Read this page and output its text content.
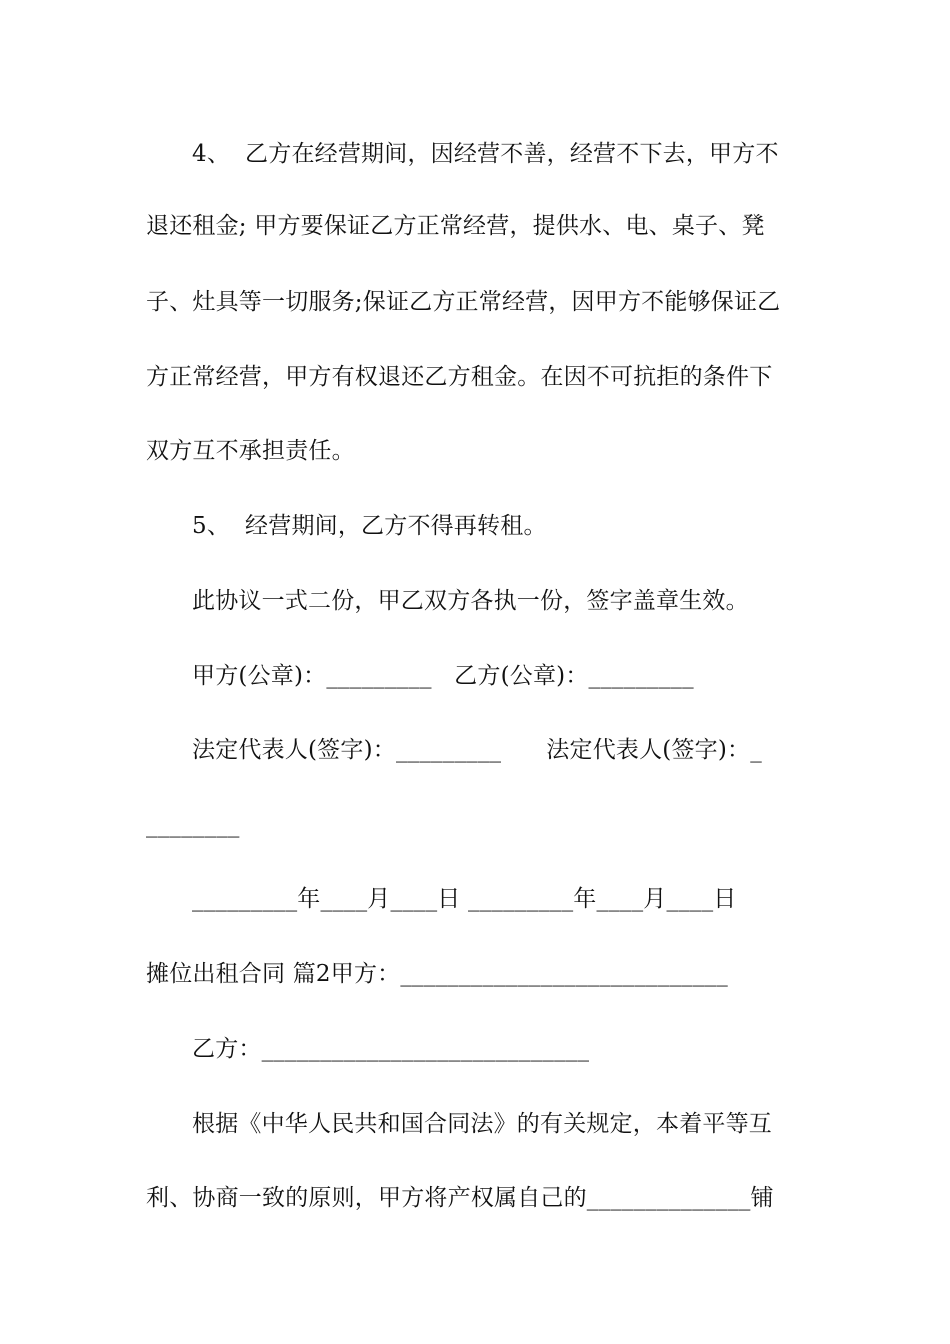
4、  乙方在经营期间，因经营不善，经营不下去，甲方不
退还租金; 甲方要保证乙方正常经营，提供水、电、桌子、凳
子、灶具等一切服务;保证乙方正常经营，因甲方不能够保证乙
方正常经营，甲方有权退还乙方租金。在因不可抗拒的条件下
双方互不承担责任。
5、  经营期间，乙方不得再转租。
此协议一式二份，甲乙双方各执一份，签字盖章生效。
甲方(公章)：_________   乙方(公章)：_________
法定代表人(签字)：_________      法定代表人(签字)：_
________
_________年____月____日 _________年____月____日
摊位出租合同 篇2甲方：____________________________
乙方：____________________________
根据《中华人民共和国合同法》的有关规定，本着平等互
利、协商一致的原则，甲方将产权属自己的______________铺
